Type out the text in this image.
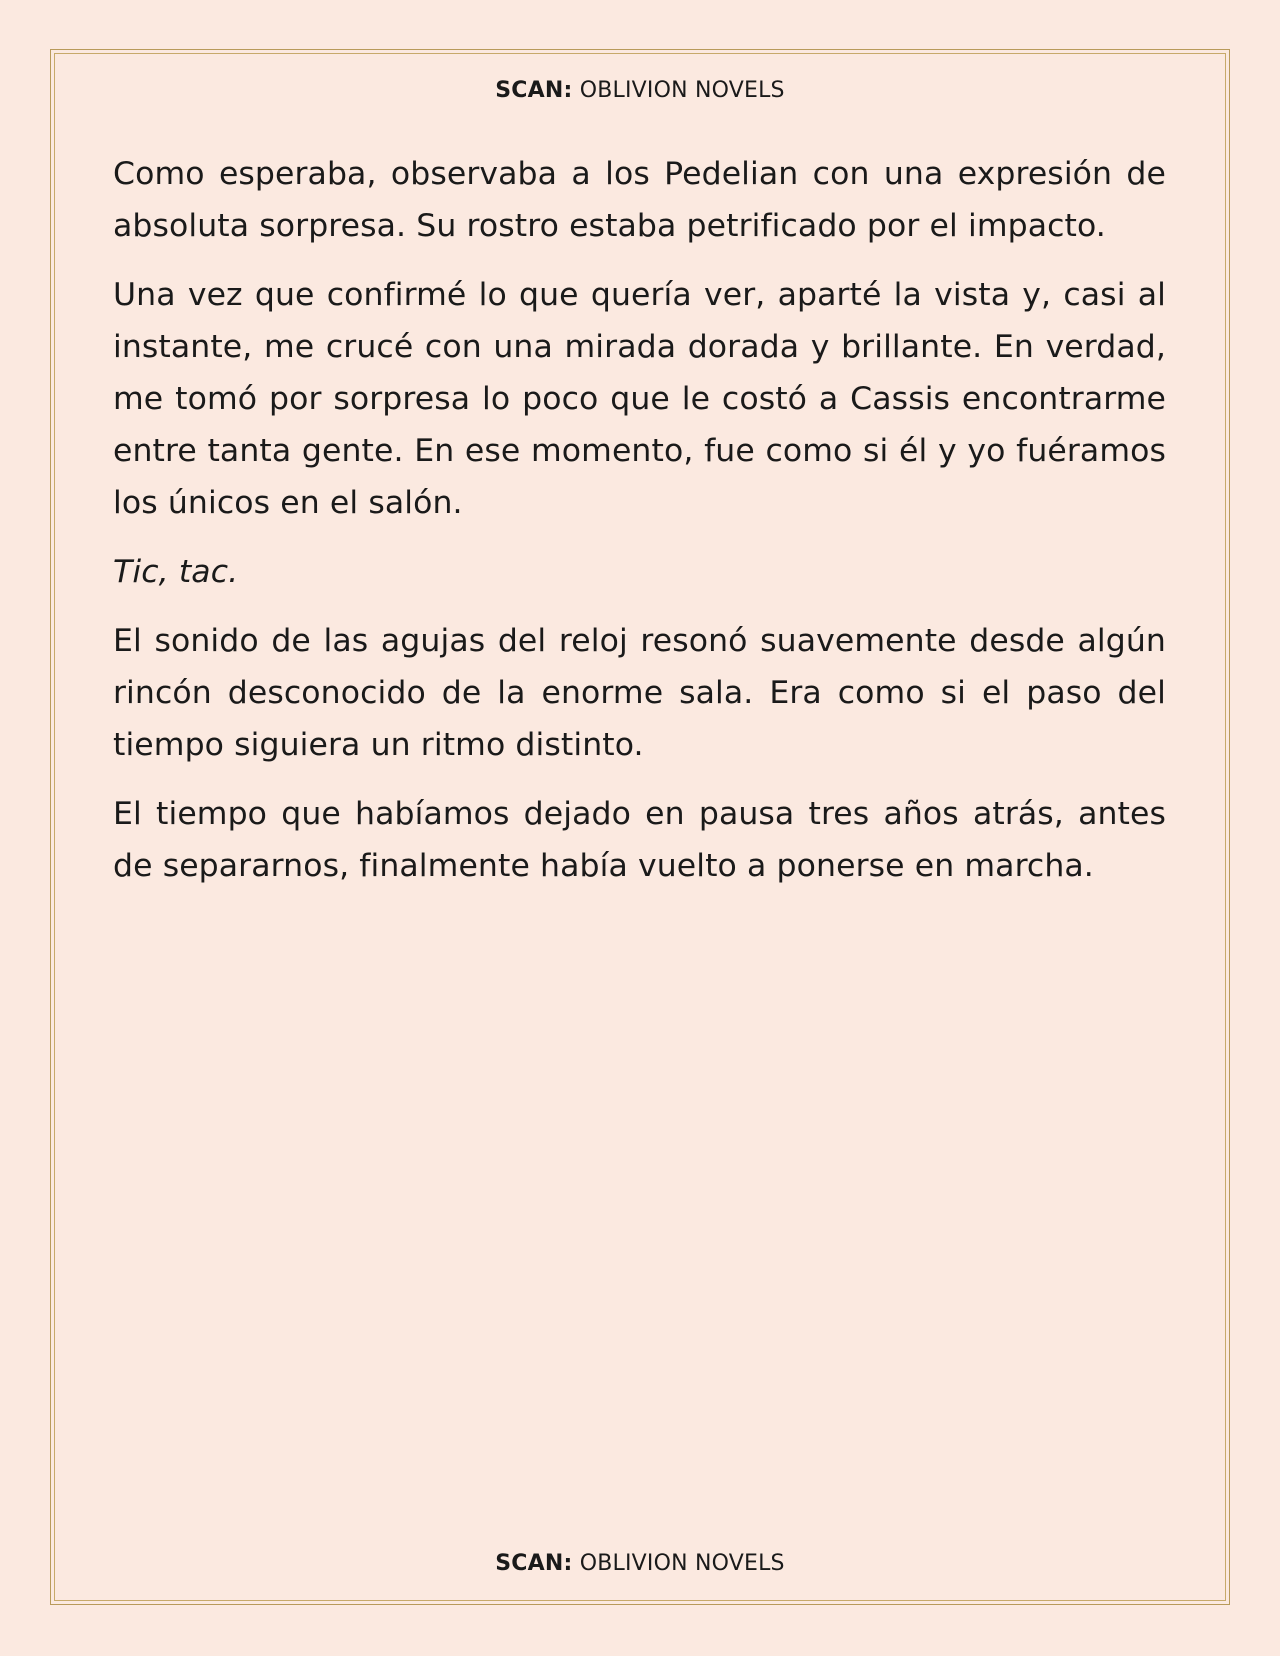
SCAN: OBLIVION NOVELS

Como esperaba, observaba a los Pedelian con una expresión de absoluta sorpresa. Su rostro estaba petrificado por el impacto.

Una vez que confirmé lo que quería ver, aparté la vista y, casi al instante, me crucé con una mirada dorada y brillante. En verdad, me tomó por sorpresa lo poco que le costó a Cassis encontrarme entre tanta gente. En ese momento, fue como si él y yo fuéramos los únicos en el salón.

Tic, tac.

El sonido de las agujas del reloj resonó suavemente desde algún rincón desconocido de la enorme sala. Era como si el paso del tiempo siguiera un ritmo distinto.

El tiempo que habíamos dejado en pausa tres años atrás, antes de separarnos, finalmente había vuelto a ponerse en marcha.

SCAN: OBLIVION NOVELS
